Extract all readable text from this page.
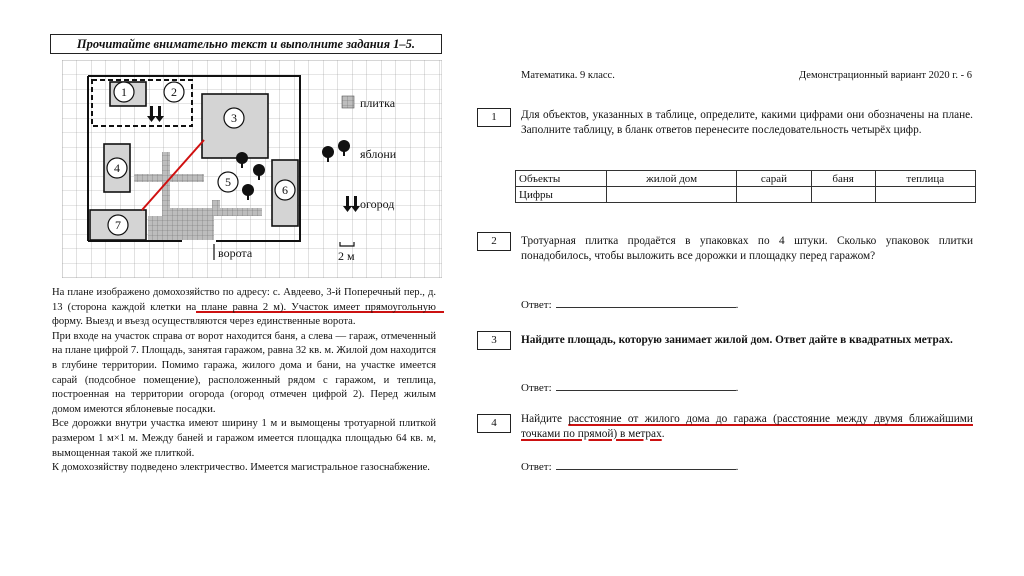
Прочитайте внимательно текст и выполните задания 1–5.
1	2
3
4
5
6
7
плитка
яблони
огород
2 м
ворота

На плане изображено домохозяйство по адресу: с. Авдеево, 3-й Поперечный пер., д. 13 (сторона каждой клетки на плане равна 2 м). Участок имеет прямоугольную форму. Выезд и въезд осуществляются через единственные ворота.

При входе на участок справа от ворот находится баня, а слева — гараж, отмеченный на плане цифрой 7. Площадь, занятая гаражом, равна 32 кв. м. Жилой дом находится в глубине территории. Помимо гаража, жилого дома и бани, на участке имеется сарай (подсобное помещение), расположенный рядом с гаражом, и теплица, построенная на территории огорода (огород отмечен цифрой 2). Перед жилым домом имеются яблоневые посадки.

Все дорожки внутри участка имеют ширину 1 м и вымощены тротуарной плиткой размером 1 м×1 м. Между баней и гаражом имеется площадка площадью 64 кв. м, вымощенная такой же плиткой.

К домохозяйству подведено электричество. Имеется магистральное газоснабжение.

Математика. 9 класс.	Демонстрационный вариант 2020 г. - 6
1	Для объектов, указанных в таблице, определите, какими цифрами они обозначены на плане. Заполните таблицу, в бланк ответов перенесите последовательность четырёх цифр.
Объекты	жилой дом	сарай	баня	теплица
Цифры				
2	Тротуарная плитка продаётся в упаковках по 4 штуки. Сколько упаковок плитки понадобилось, чтобы выложить все дорожки и площадку перед гаражом?
Ответ:	.
3	Найдите площадь, которую занимает жилой дом. Ответ дайте в квадратных метрах.
Ответ:	.
4	Найдите расстояние от жилого дома до гаража (расстояние между двумя ближайшими точками по прямой) в метрах.
Ответ:	.
